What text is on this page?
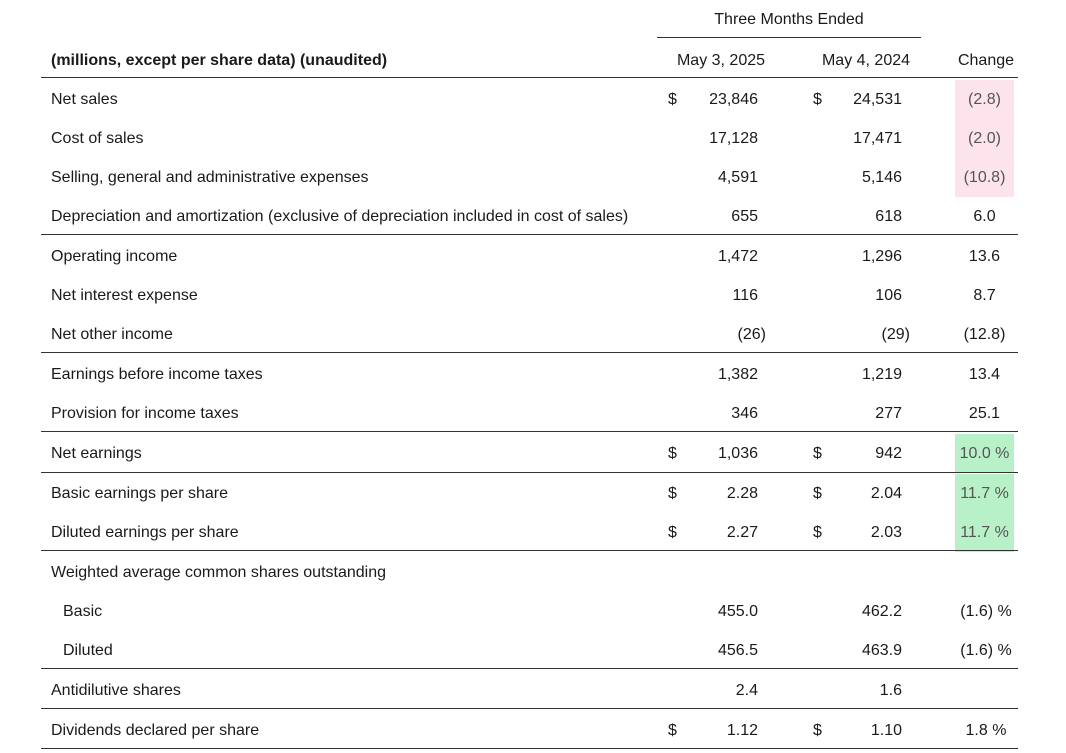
Three Months Ended
(millions, except per share data) (unaudited)	May 3, 2025	May 4, 2024	Change
Net sales	$ 23,846	$ 24,531	(2.8)
Cost of sales	17,128	17,471	(2.0)
Selling, general and administrative expenses	4,591	5,146	(10.8)
Depreciation and amortization (exclusive of depreciation included in cost of sales)	655	618	6.0
Operating income	1,472	1,296	13.6
Net interest expense	116	106	8.7
Net other income	(26)	(29)	(12.8)
Earnings before income taxes	1,382	1,219	13.4
Provision for income taxes	346	277	25.1
Net earnings	$	1,036	$	942	10.0 %
Basic earnings per share	$	2.28	$	2.04	11.7 %
Diluted earnings per share	$	2.27	$	2.03	11.7 %
Weighted average common shares outstanding
Basic	455.0	462.2	(1.6) %
Diluted	456.5	463.9	(1.6) %
Antidilutive shares	2.4	1.6
Dividends declared per share	$	1.12	$	1.10	1.8 %
